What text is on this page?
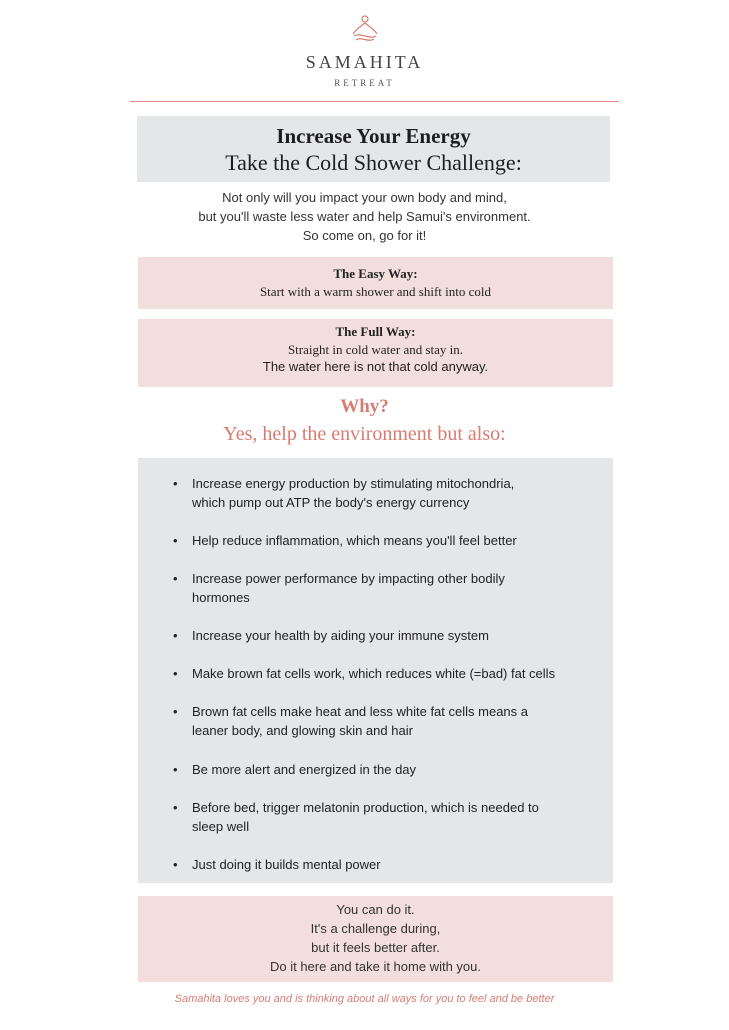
SAMAHITA
RETREAT
Increase Your Energy
Take the Cold Shower Challenge:
Not only will you impact your own body and mind,
but you'll waste less water and help Samui's environment.
So come on, go for it!
The Easy Way:
Start with a warm shower and shift into cold
The Full Way:
Straight in cold water and stay in.
The water here is not that cold anyway.
Why?
Yes, help the environment but also:
• Increase energy production by stimulating mitochondria,
which pump out ATP the body's energy currency
• Help reduce inflammation, which means you'll feel better
• Increase power performance by impacting other bodily
hormones
• Increase your health by aiding your immune system
• Make brown fat cells work, which reduces white (=bad) fat cells
• Brown fat cells make heat and less white fat cells means a
leaner body, and glowing skin and hair
• Be more alert and energized in the day
• Before bed, trigger melatonin production, which is needed to
sleep well
• Just doing it builds mental power
You can do it.
It's a challenge during,
but it feels better after.
Do it here and take it home with you.
Samahita loves you and is thinking about all ways for you to feel and be better
